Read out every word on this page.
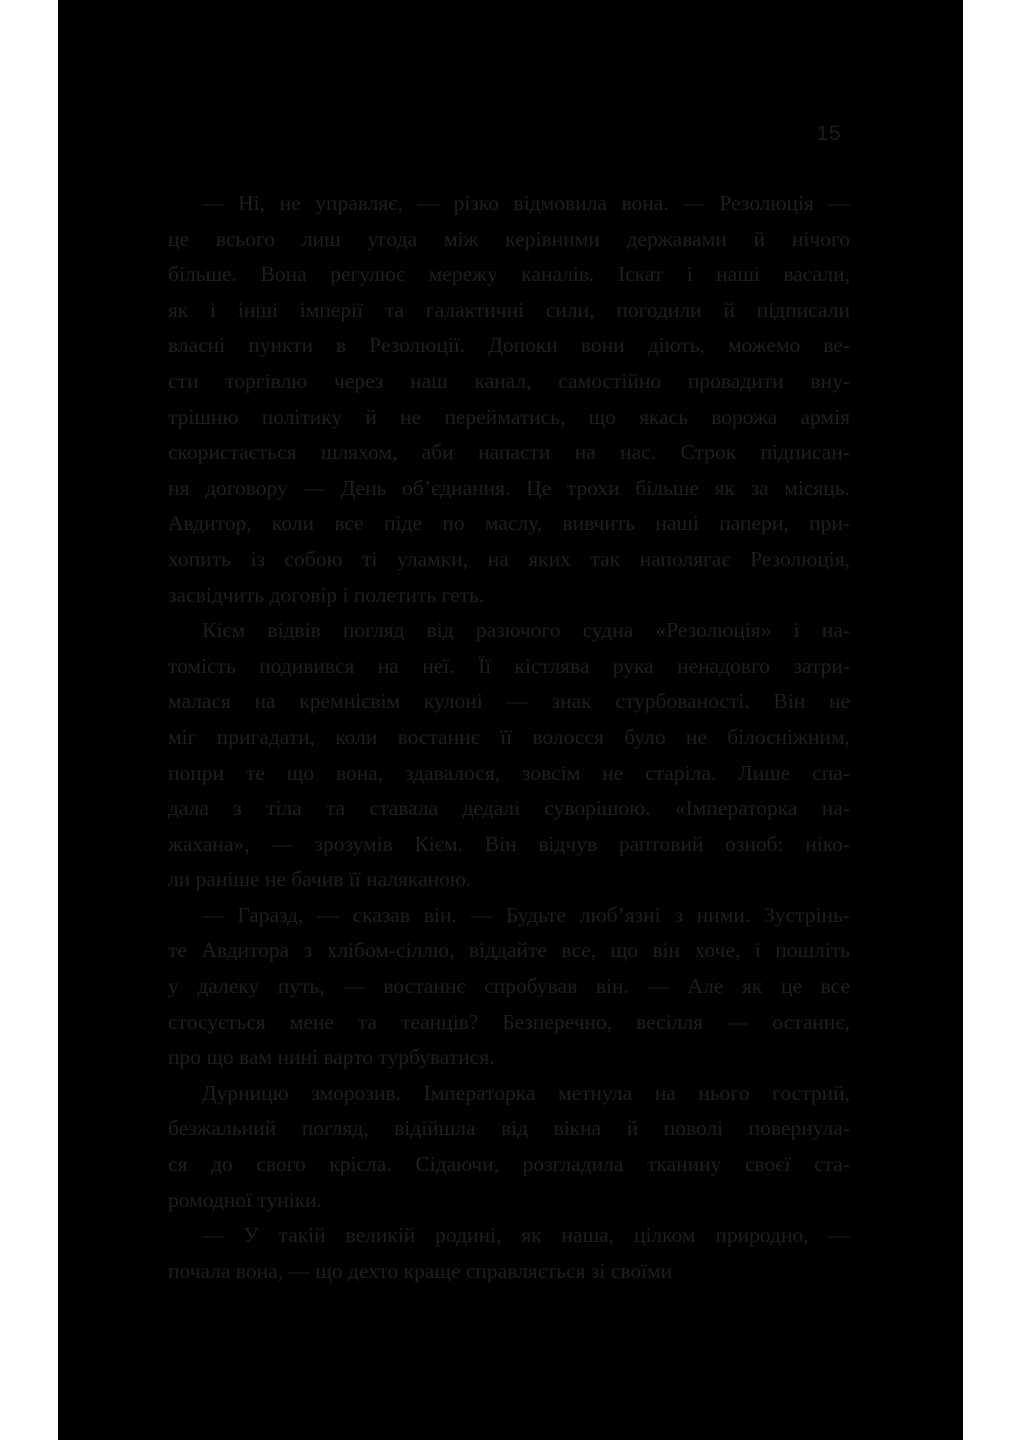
15

— Ні, не управляє, — різко відмовила вона. — Резолюція —
це всього лиш угода між керівними державами й нічого
більше. Вона регулює мережу каналів. Іскат і наші васали,
як і інші імперії та галактичні сили, погодили й підписали
власні пункти в Резолюції. Допоки вони діють, можемо ве-
сти торгівлю через наш канал, самостійно провадити вну-
трішню політику й не перейматись, що якась ворожа армія
скористається шляхом, аби напасти на нас. Строк підписан-
ня договору — День об’єднання. Це трохи більше як за місяць.
Авдитор, коли все піде по маслу, вивчить наші папери, при-
хопить із собою ті уламки, на яких так наполягає Резолюція,
засвідчить договір і полетить геть.

Кієм відвів погляд від разючого судна «Резолюція» і на-
томість подивився на неї. Її кістлява рука ненадовго затри-
малася на кремнієвім кулоні — знак стурбованості. Він не
міг пригадати, коли востаннє її волосся було не білосніжним,
попри те що вона, здавалося, зовсім не старіла. Лише спа-
дала з тіла та ставала дедалі суворішою. «Імператорка на-
жахана», — зрозумів Кієм. Він відчув раптовий озноб: ніко-
ли раніше не бачив її наляканою.

— Гаразд, — сказав він. — Будьте люб’язні з ними. Зустрінь-
те Авдитора з хлібом-сіллю, віддайте все, що він хоче, і пошліть
у далеку путь, — востаннє спробував він. — Але як це все
стосується мене та теанців? Безперечно, весілля — останнє,
про що вам нині варто турбуватися.

Дурницю зморозив. Імператорка метнула на нього гострий,
безжальний погляд, відійшла від вікна й поволі повернула-
ся до свого крісла. Сідаючи, розгладила тканину своєї ста-
ромодної туніки.

— У такій великій родині, як наша, цілком природно, —
почала вона, — що дехто краще справляється зі своїми
